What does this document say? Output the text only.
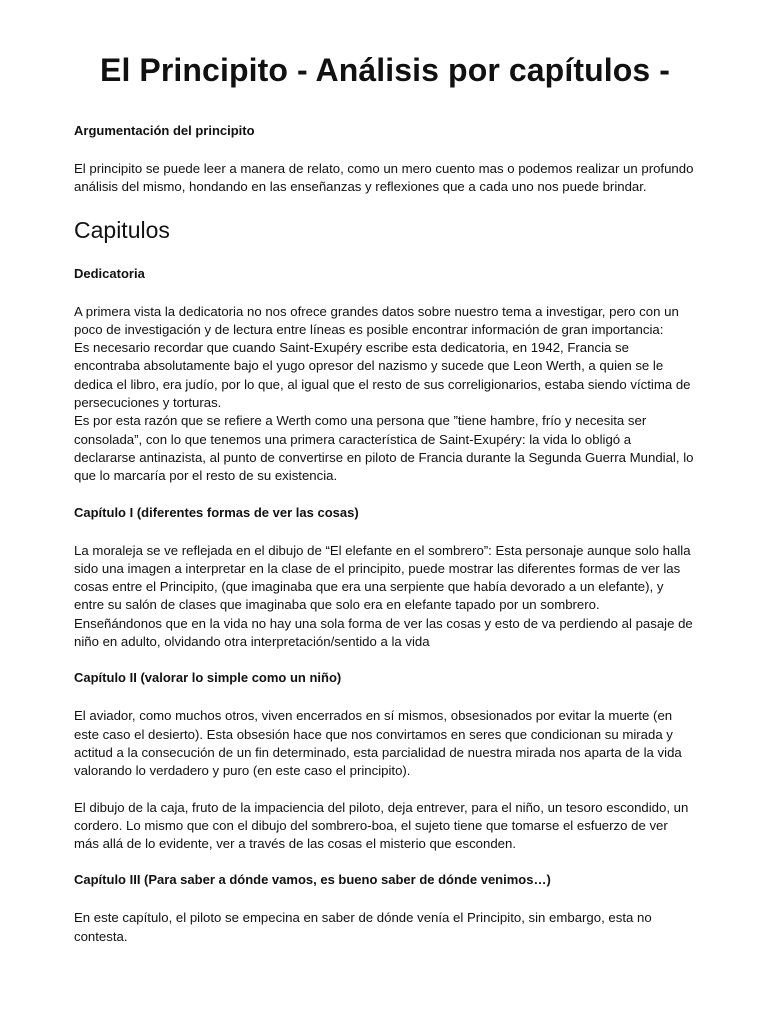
El Principito - Análisis por capítulos -
Argumentación del principito

El principito se puede leer a manera de relato, como un mero cuento mas o podemos realizar un profundo análisis del mismo, hondando en las enseñanzas y reflexiones que a cada uno nos puede brindar.

Capitulos
Dedicatoria
A primera vista la dedicatoria no nos ofrece grandes datos sobre nuestro tema a investigar, pero con un poco de investigación y de lectura entre líneas es posible encontrar información de gran importancia:
Es necesario recordar que cuando Saint-Exupéry escribe esta dedicatoria, en 1942, Francia se encontraba absolutamente bajo el yugo opresor del nazismo y sucede que Leon Werth, a quien se le dedica el libro, era judío, por lo que, al igual que el resto de sus correligionarios, estaba siendo víctima de persecuciones y torturas.
Es por esta razón que se refiere a Werth como una persona que ”tiene hambre, frío y necesita ser consolada”, con lo que tenemos una primera característica de Saint-Exupéry: la vida lo obligó a declararse antinazista, al punto de convertirse en piloto de Francia durante la Segunda Guerra Mundial, lo que lo marcaría por el resto de su existencia.
Capítulo I (diferentes formas de ver las cosas)
La moraleja se ve reflejada en el dibujo de “El elefante en el sombrero”: Esta personaje aunque solo halla sido una imagen a interpretar en la clase de el principito, puede mostrar las diferentes formas de ver las cosas entre el Principito, (que imaginaba que era una serpiente que había devorado a un elefante), y entre su salón de clases que imaginaba que solo era en elefante tapado por un sombrero.
Enseñándonos que en la vida no hay una sola forma de ver las cosas y esto de va perdiendo al pasaje de niño en adulto, olvidando otra interpretación/sentido a la vida
Capítulo II (valorar lo simple como un niño)

El aviador, como muchos otros, viven encerrados en sí mismos, obsesionados por evitar la muerte (en este caso el desierto). Esta obsesión hace que nos convirtamos en seres que condicionan su mirada y actitud a la consecución de un fin determinado, esta parcialidad de nuestra mirada nos aparta de la vida valorando lo verdadero y puro (en este caso el principito).

El dibujo de la caja, fruto de la impaciencia del piloto, deja entrever, para el niño, un tesoro escondido, un cordero. Lo mismo que con el dibujo del sombrero-boa, el sujeto tiene que tomarse el esfuerzo de ver más allá de lo evidente, ver a través de las cosas el misterio que esconden.

Capítulo III (Para saber a dónde vamos, es bueno saber de dónde venimos…)

En este capítulo, el piloto se empecina en saber de dónde venía el Principito, sin embargo, esta no contesta.
